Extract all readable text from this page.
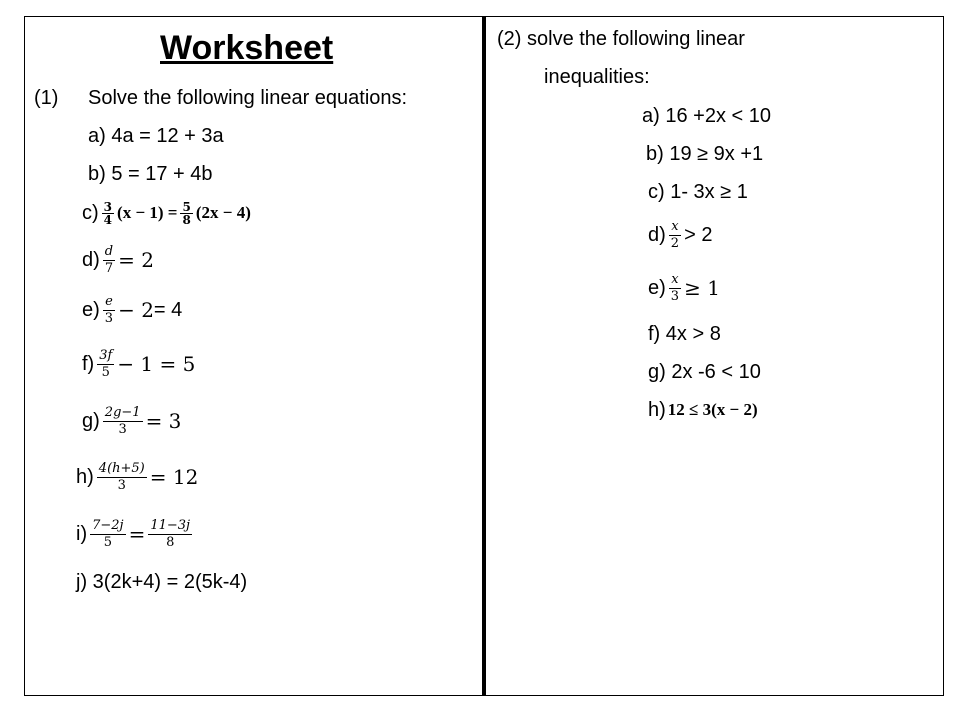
Worksheet
(1) Solve the following linear equations:
a) 4a = 12 + 3a
b) 5 = 17 + 4b
$c) \frac{3}{4} (x - 1) = \frac{5}{8} (2x - 4)$
$d) \frac{d}{7} = 2$
$e) \frac{e}{3} - 2 = 4$
$f) \frac{3f}{5} - 1 = 5$
$g) \frac{2g-1}{3} = 3$
$h) \frac{4(h+5)}{3} = 12$
$i) \frac{7-2j}{5} = \frac{11-3j}{8}$
j) 3(2k+4) = 2(5k-4)
(2) solve the following linear
inequalities:
a) 16 +2x < 10
b) 19 ≥ 9x +1
c) 1- 3x ≥ 1
$d) \frac{x}{2} > 2$
$e) \frac{x}{3} \ge 1$
f) 4x > 8
g) 2x -6 < 10
h) 12 ≤ 3(x − 2)
